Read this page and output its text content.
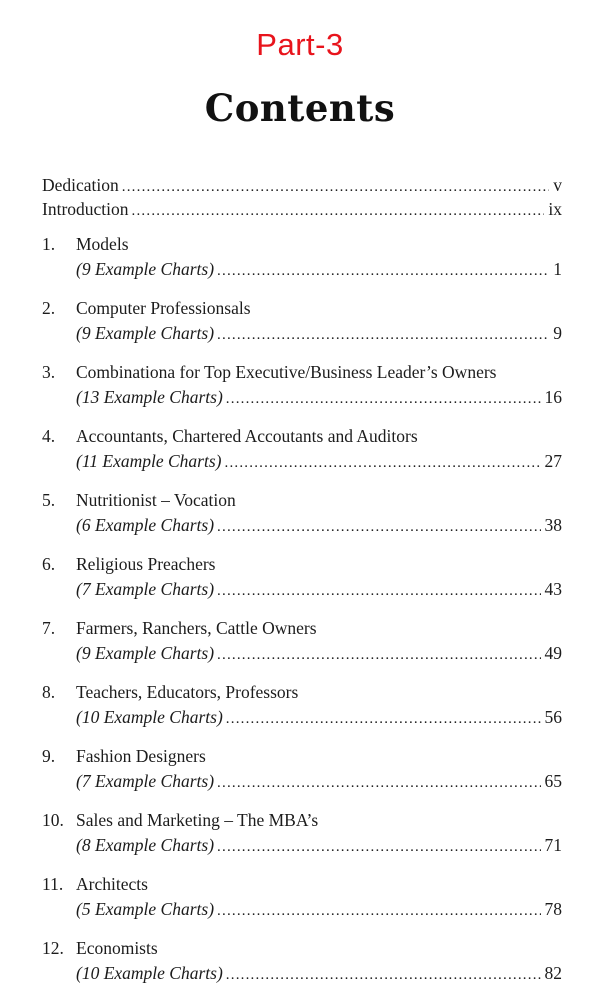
Part-3
Contents
Dedication .....	v
Introduction .....	ix
1.	Models
(9 Example Charts) .....	1
2.	Computer Professionsals
(9 Example Charts) .....	9
3.	Combinationa for Top Executive/Business Leader’s Owners
(13 Example Charts) .....	16
4.	Accountants, Chartered Accoutants and Auditors
(11 Example Charts) .....	27
5.	Nutritionist – Vocation
(6 Example Charts) .....	38
6.	Religious Preachers
(7 Example Charts) .....	43
7.	Farmers, Ranchers, Cattle Owners
(9 Example Charts) .....	49
8.	Teachers, Educators, Professors
(10 Example Charts) .....	56
9.	Fashion Designers
(7 Example Charts) .....	65
10. Sales and Marketing – The MBA’s
(8 Example Charts) .....	71
11. Architects
(5 Example Charts) .....	78
12. Economists
(10 Example Charts) .....	82
